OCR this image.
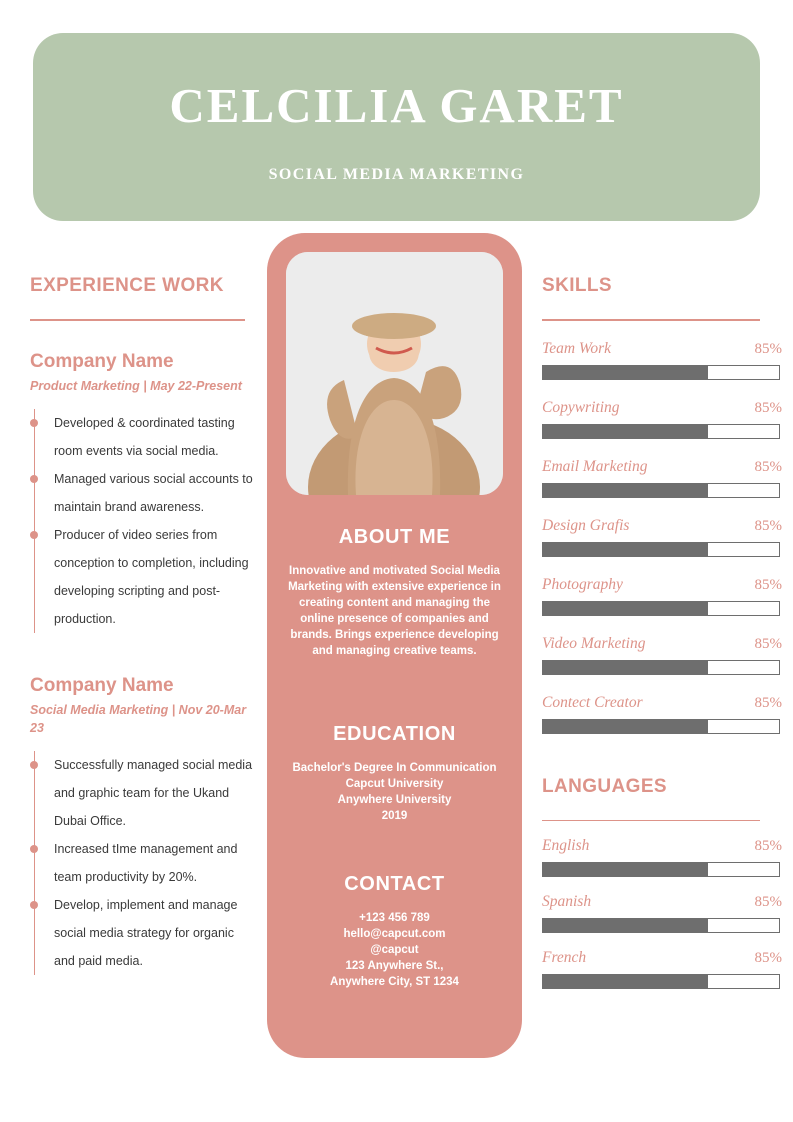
CELCILIA GARET
SOCIAL MEDIA MARKETING
EXPERIENCE WORK
Company Name
Product Marketing | May 22-Present
Developed & coordinated tasting room events via social media.
Managed various social accounts to maintain brand awareness.
Producer of video series from conception to completion, including developing scripting and post-production.
Company Name
Social Media Marketing | Nov 20-Mar 23
Successfully managed social media and graphic team for the Ukand Dubai Office.
Increased tIme management and team productivity by 20%.
Develop, implement and manage social media strategy for organic and paid media.
ABOUT ME
Innovative and motivated Social Media Marketing with extensive experience in creating content and managing the online presence of companies and brands. Brings experience developing and managing creative teams.
EDUCATION
Bachelor's Degree In Communication
Capcut University
Anywhere University
2019
CONTACT
+123 456 789
hello@capcut.com
@capcut
123 Anywhere St.,
Anywhere City, ST 1234
SKILLS
Team Work	85%
Copywriting	85%
Email Marketing	85%
Design Grafis	85%
Photography	85%
Video Marketing	85%
Contect Creator	85%
LANGUAGES
English	85%
Spanish	85%
French	85%
